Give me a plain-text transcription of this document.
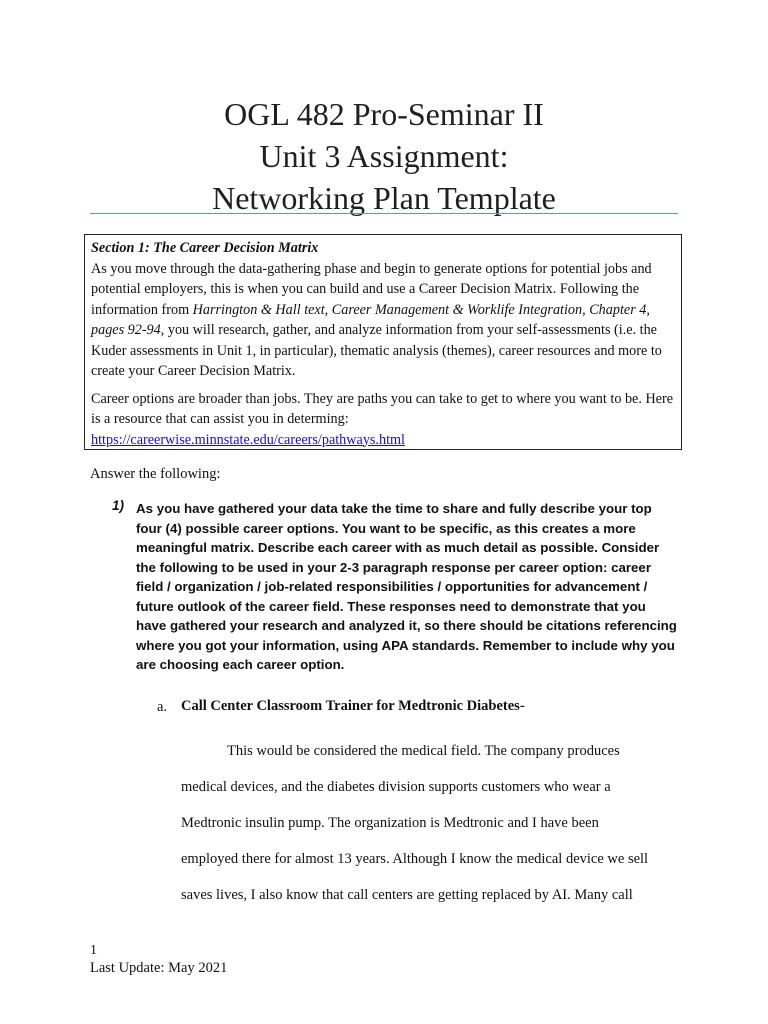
OGL 482 Pro-Seminar II
Unit 3 Assignment:
Networking Plan Template
Section 1: The Career Decision Matrix

As you move through the data-gathering phase and begin to generate options for potential jobs and potential employers, this is when you can build and use a Career Decision Matrix. Following the information from Harrington & Hall text, Career Management & Worklife Integration, Chapter 4, pages 92-94, you will research, gather, and analyze information from your self-assessments (i.e. the Kuder assessments in Unit 1, in particular), thematic analysis (themes), career resources and more to create your Career Decision Matrix.

Career options are broader than jobs. They are paths you can take to get to where you want to be. Here is a resource that can assist you in determing:
https://careerwise.minnstate.edu/careers/pathways.html

Answer the following:
1) As you have gathered your data take the time to share and fully describe your top four (4) possible career options. You want to be specific, as this creates a more meaningful matrix. Describe each career with as much detail as possible. Consider the following to be used in your 2-3 paragraph response per career option: career field / organization / job-related responsibilities / opportunities for advancement / future outlook of the career field. These responses need to demonstrate that you have gathered your research and analyzed it, so there should be citations referencing where you got your information, using APA standards. Remember to include why you are choosing each career option.
a. Call Center Classroom Trainer for Medtronic Diabetes-
This would be considered the medical field. The company produces
medical devices, and the diabetes division supports customers who wear a
Medtronic insulin pump. The organization is Medtronic and I have been
employed there for almost 13 years. Although I know the medical device we sell
saves lives, I also know that call centers are getting replaced by AI. Many call
1
Last Update: May 2021
